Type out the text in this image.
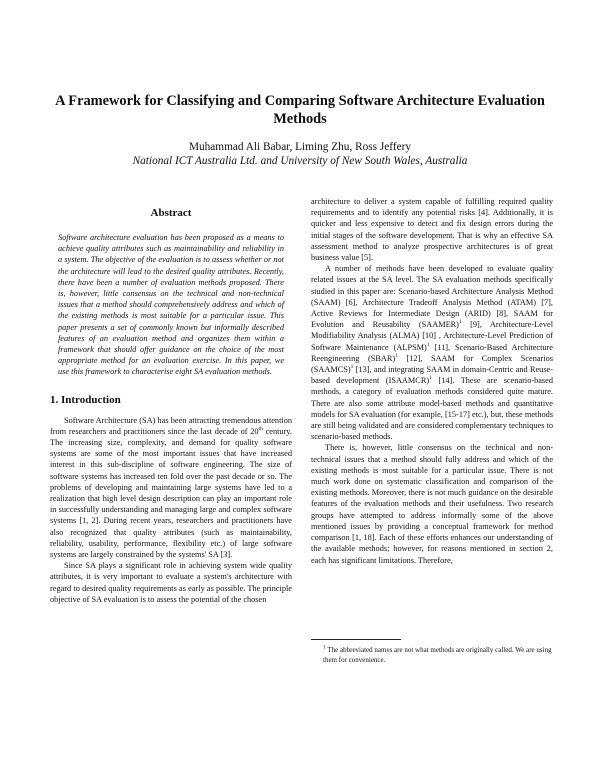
A Framework for Classifying and Comparing Software Architecture Evaluation Methods
Muhammad Ali Babar, Liming Zhu, Ross Jeffery
National ICT Australia Ltd. and University of New South Wales, Australia
Abstract

Software architecture evaluation has been proposed as a means to achieve quality attributes such as maintainability and reliability in a system. The objective of the evaluation is to assess whether or not the architecture will lead to the desired quality attributes. Recently, there have been a number of evaluation methods proposed. There is, however, little consensus on the technical and non-technical issues that a method should comprehensively address and which of the existing methods is most suitable for a particular issue. This paper presents a set of commonly known but informally described features of an evaluation method and organizes them within a framework that should offer guidance on the choice of the most appropriate method for an evaluation exercise. In this paper, we use this framework to characterise eight SA evaluation methods.

1. Introduction

Software Architecture (SA) has been attracting tremendous attention from researchers and practitioners since the last decade of 20th century. The increasing size, complexity, and demand for quality software systems are some of the most important issues that have increased interest in this sub-discipline of software engineering. The size of software systems has increased ten fold over the past decade or so. The problems of developing and maintaining large systems have led to a realization that high level design description can play an important role in successfully understanding and managing large and complex software systems [1, 2]. During recent years, researchers and practitioners have also recognized that quality attributes (such as maintainability, reliability, usability, performance, flexibility etc.) of large software systems are largely constrained by the systems' SA [3].

Since SA plays a significant role in achieving system wide quality attributes, it is very important to evaluate a system's architecture with regard to desired quality requirements as early as possible. The principle objective of SA evaluation is to assess the potential of the chosen

architecture to deliver a system capable of fulfilling required quality requirements and to identify any potential risks [4]. Additionally, it is quicker and less expensive to detect and fix design errors during the initial stages of the software development. That is why an effective SA assessment method to analyze prospective architectures is of great business value [5].

A number of methods have been developed to evaluate quality related issues at the SA level. The SA evaluation methods specifically studied in this paper are: Scenario-based Architecture Analysis Method (SAAM) [6], Architecture Tradeoff Analysis Method (ATAM) [7], Active Reviews for Intermediate Design (ARID) [8], SAAM for Evolution and Reusability (SAAMER)$^1$ [9], Architecture-Level Modifiability Analysis (ALMA) [10] , Architecture-Level Prediction of Software Maintenance (ALPSM)$^1$ [11], Scenario-Based Architecture Reengineering (SBAR)$^1$ [12], SAAM for Complex Scenarios (SAAMCS)$^1$ [13], and integrating SAAM in domain-Centric and Reuse-based development (ISAAMCR)$^1$ [14]. These are scenario-based methods, a category of evaluation methods considered quite mature. There are also some attribute model-based methods and quantitative models for SA evaluation (for example, [15-17] etc.), but, these methods are still being validated and are considered complementary techniques to scenario-based methods.

There is, however, little consensus on the technical and non-technical issues that a method should fully address and which of the existing methods is most suitable for a particular issue. There is not much work done on systematic classification and comparison of the existing methods. Moreover, there is not much guidance on the desirable features of the evaluation methods and their usefulness. Two research groups have attempted to address informally some of the above mentioned issues by providing a conceptual framework for method comparison [1, 18]. Each of these efforts enhances our understanding of the available methods; however, for reasons mentioned in section 2, each has significant limitations. Therefore,

$^1$ The abbreviated names are not what methods are originally called. We are using them for convenience.
